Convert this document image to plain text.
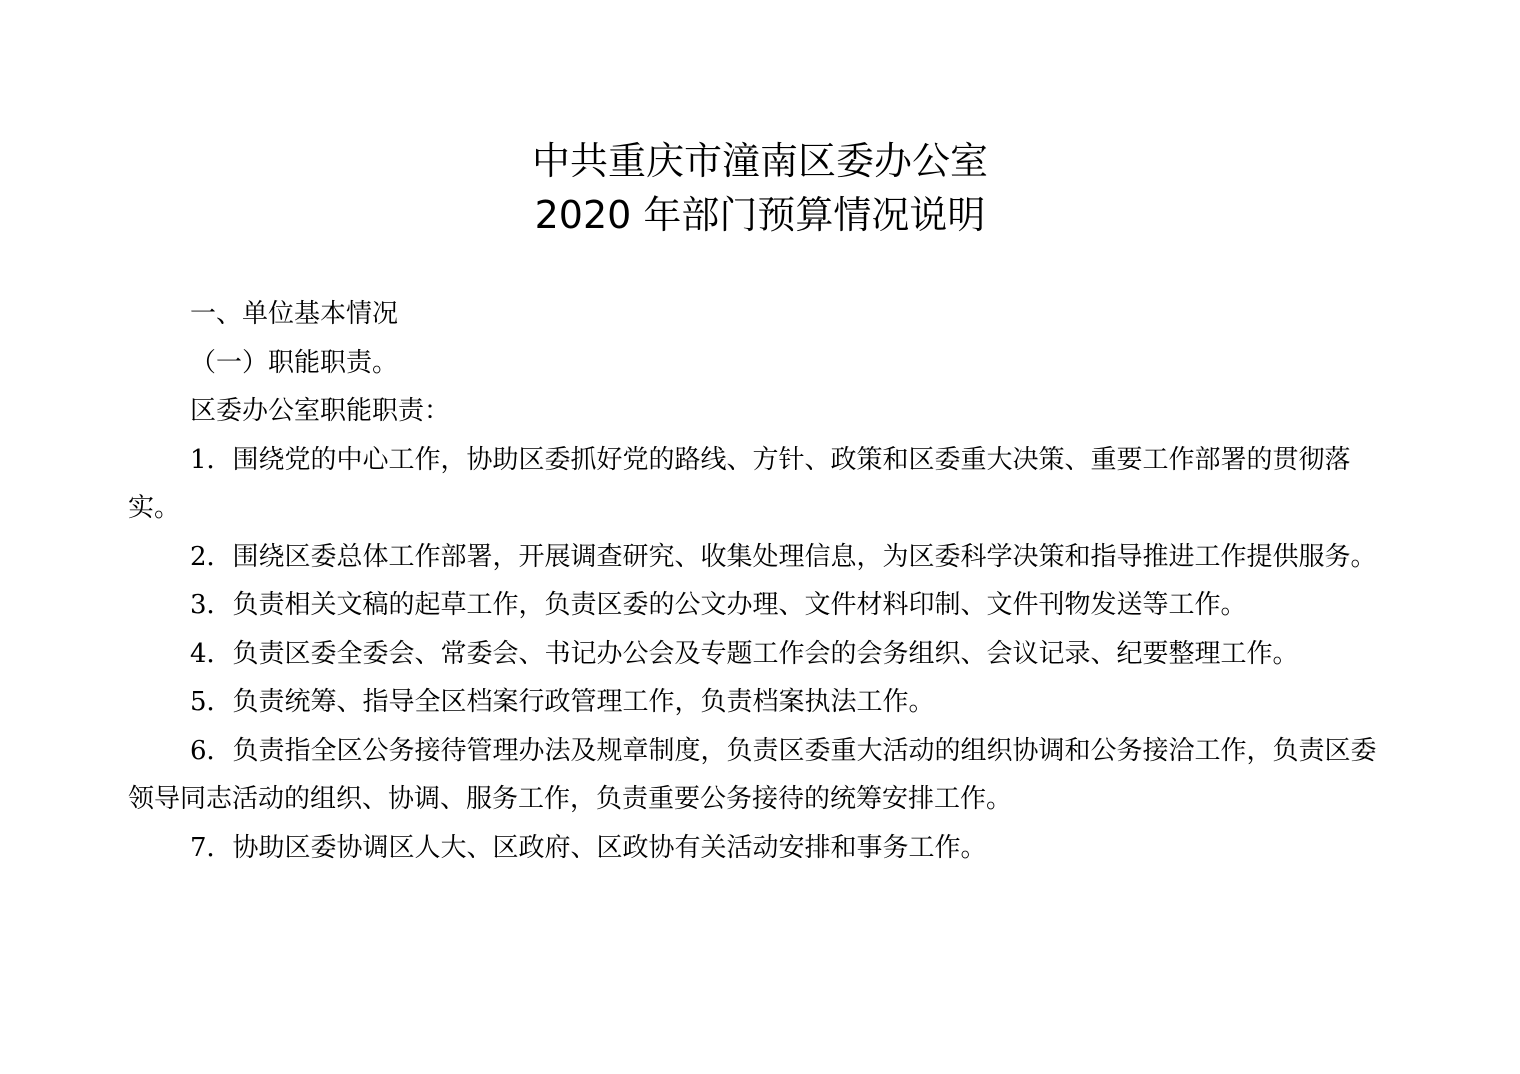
中共重庆市潼南区委办公室
2020 年部门预算情况说明

一、单位基本情况

（一）职能职责。

区委办公室职能职责：

1．围绕党的中心工作，协助区委抓好党的路线、方针、政策和区委重大决策、重要工作部署的贯彻落实。

2．围绕区委总体工作部署，开展调查研究、收集处理信息，为区委科学决策和指导推进工作提供服务。

3．负责相关文稿的起草工作，负责区委的公文办理、文件材料印制、文件刊物发送等工作。

4．负责区委全委会、常委会、书记办公会及专题工作会的会务组织、会议记录、纪要整理工作。

5．负责统筹、指导全区档案行政管理工作，负责档案执法工作。

6．负责指全区公务接待管理办法及规章制度，负责区委重大活动的组织协调和公务接洽工作，负责区委领导同志活动的组织、协调、服务工作，负责重要公务接待的统筹安排工作。

7．协助区委协调区人大、区政府、区政协有关活动安排和事务工作。
